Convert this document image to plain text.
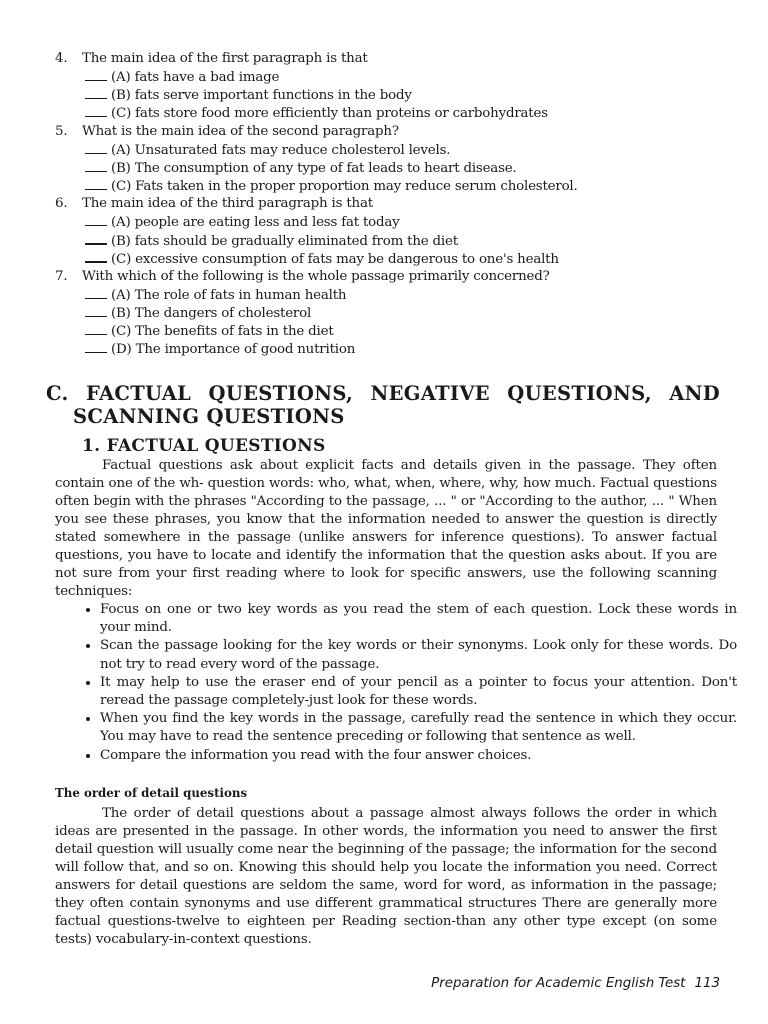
4. The main idea of the first paragraph is that
(A) fats have a bad image
(B) fats serve important functions in the body
(C) fats store food more efficiently than proteins or carbohydrates
5. What is the main idea of the second paragraph?
(A) Unsaturated fats may reduce cholesterol levels.
(B) The consumption of any type of fat leads to heart disease.
(C) Fats taken in the proper proportion may reduce serum cholesterol.
6. The main idea of the third paragraph is that
(A) people are eating less and less fat today
(B) fats should be gradually eliminated from the diet
(C) excessive consumption of fats may be dangerous to one's health
7. With which of the following is the whole passage primarily concerned?
(A) The role of fats in human health
(B) The dangers of cholesterol
(C) The benefits of fats in the diet
(D) The importance of good nutrition
C. FACTUAL QUESTIONS, NEGATIVE QUESTIONS, AND
SCANNING QUESTIONS
1. FACTUAL QUESTIONS

Factual questions ask about explicit facts and details given in the passage. They often contain one of the wh- question words: who, what, when, where, why, how much. Factual questions often begin with the phrases "According to the passage, ... " or "According to the author, ... " When you see these phrases, you know that the information needed to answer the question is directly stated somewhere in the passage (unlike answers for inference questions). To answer factual questions, you have to locate and identify the information that the question asks about. If you are not sure from your first reading where to look for specific answers, use the following scanning techniques:

• Focus on one or two key words as you read the stem of each question. Lock these words in your mind.
• Scan the passage looking for the key words or their synonyms. Look only for these words. Do not try to read every word of the passage.
• It may help to use the eraser end of your pencil as a pointer to focus your attention. Don't reread the passage completely-just look for these words.
• When you find the key words in the passage, carefully read the sentence in which they occur. You may have to read the sentence preceding or following that sentence as well.
• Compare the information you read with the four answer choices.
The order of detail questions

The order of detail questions about a passage almost always follows the order in which ideas are presented in the passage. In other words, the information you need to answer the first detail question will usually come near the beginning of the passage; the information for the second will follow that, and so on. Knowing this should help you locate the information you need. Correct answers for detail questions are seldom the same, word for word, as information in the passage; they often contain synonyms and use different grammatical structures There are generally more factual questions-twelve to eighteen per Reading section-than any other type except (on some tests) vocabulary-in-context questions.

Preparation for Academic English Test 113
